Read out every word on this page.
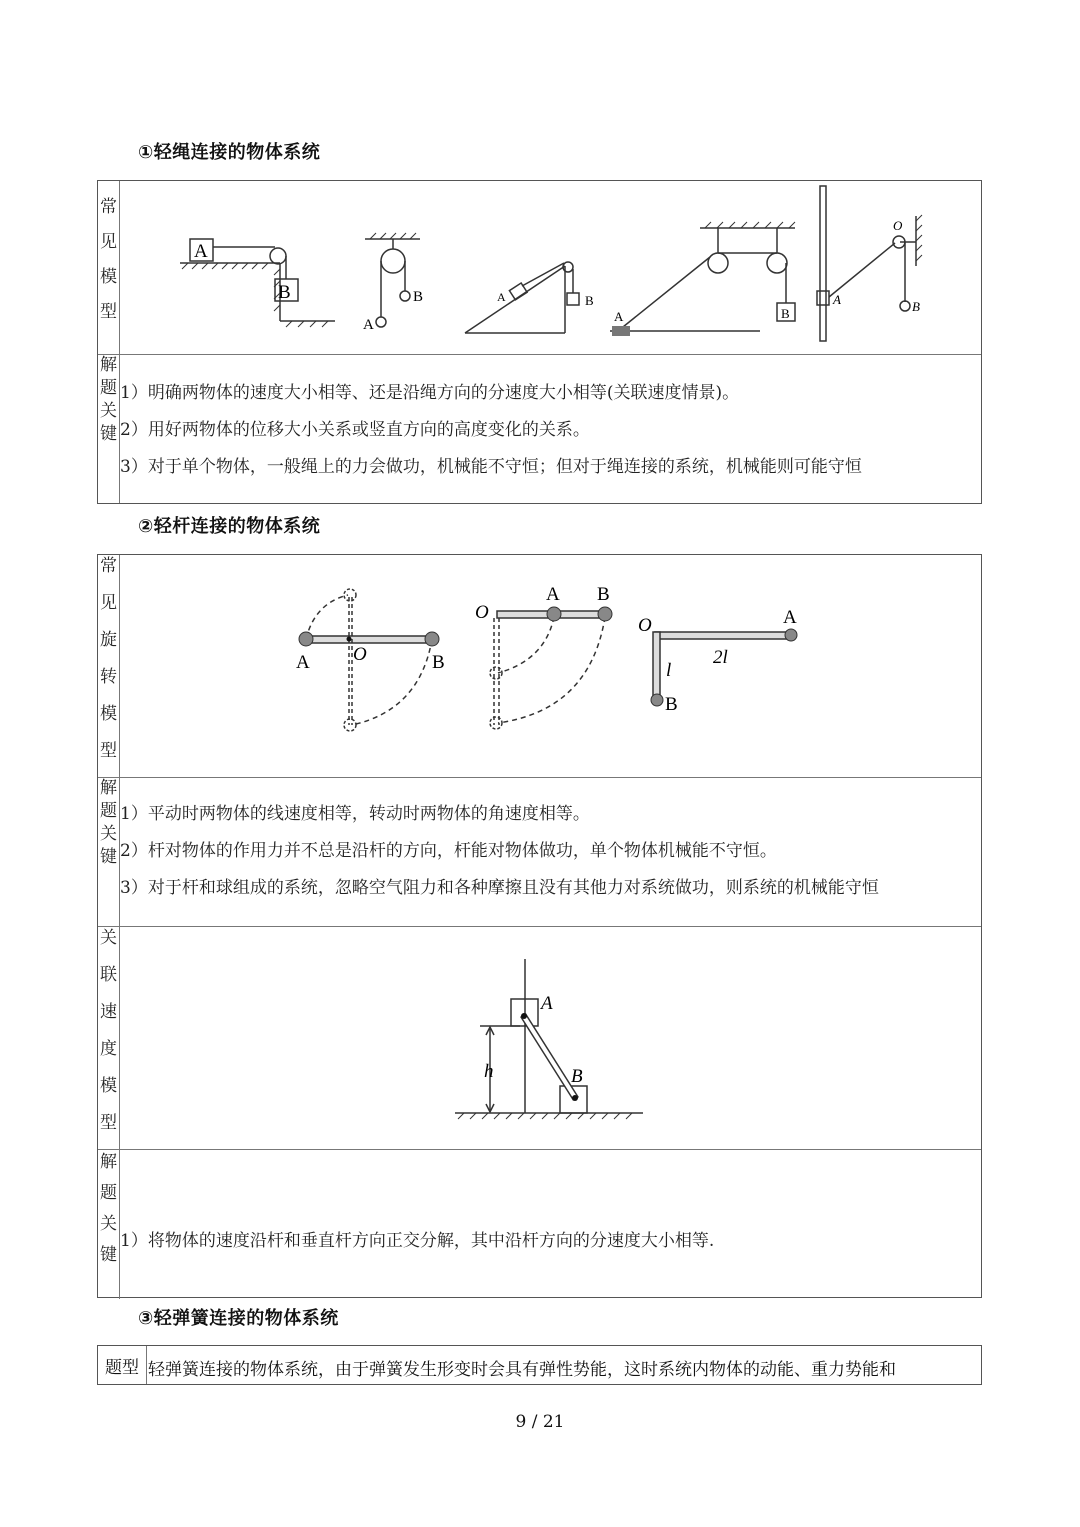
①轻绳连接的物体系统
常
见
模
型
A
B
A
B	A	B
A	B
A	B
O
解
题
关
键
1）明确两物体的速度大小相等、还是沿绳方向的分速度大小相等(关联速度情景)。
2）用好两物体的位移大小关系或竖直方向的高度变化的关系。
3）对于单个物体，一般绳上的力会做功，机械能不守恒；但对于绳连接的系统，机械能则可能守恒
②轻杆连接的物体系统
常
见
旋
转
模
型
A O	B
O
A B
O	A
2l
l
B
解
题
关
键
1）平动时两物体的线速度相等，转动时两物体的角速度相等。
2）杆对物体的作用力并不总是沿杆的方向，杆能对物体做功，单个物体机械能不守恒。
3）对于杆和球组成的系统，忽略空气阻力和各种摩擦且没有其他力对系统做功，则系统的机械能守恒
关
联
速
度
模
型
A
B
h
解
题
关
键
1）将物体的速度沿杆和垂直杆方向正交分解，其中沿杆方向的分速度大小相等.
③轻弹簧连接的物体系统
题型 轻弹簧连接的物体系统，由于弹簧发生形变时会具有弹性势能，这时系统内物体的动能、重力势能和
9 / 21
